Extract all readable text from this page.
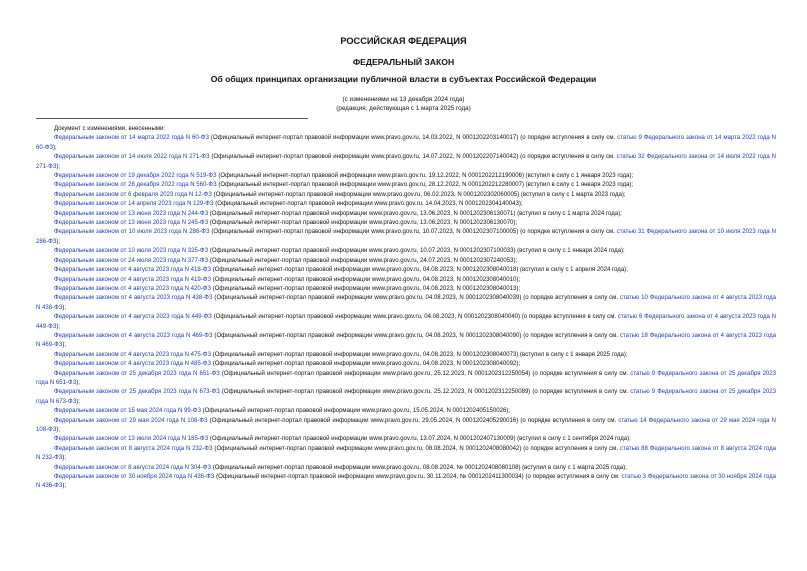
РОССИЙСКАЯ ФЕДЕРАЦИЯ
ФЕДЕРАЛЬНЫЙ ЗАКОН
Об общих принципах организации публичной власти в субъектах Российской Федерации
(с изменениями на 13 декабря 2024 года)
(редакция, действующая с 1 марта 2025 года)
Документ с изменениями, внесенными:
Федеральным законом от 14 марта 2022 года N 60-ФЗ (Официальный интернет-портал правовой информации www.pravo.gov.ru, 14.03.2022, N 0001202203140017) (о порядке вступления в силу см. статью 9 Федерального закона от 14 марта 2022 года N 60-ФЗ);
Федеральным законом от 14 июля 2022 года N 271-ФЗ (Официальный интернет-портал правовой информации www.pravo.gov.ru, 14.07.2022, N 0001202207140042) (о порядке вступления в силу см. статью 32 Федерального закона от 14 июля 2022 года N 271-ФЗ);
Федеральным законом от 19 декабря 2022 года N 519-ФЗ (Официальный интернет-портал правовой информации www.pravo.gov.ru, 19.12.2022, N 0001202212190006) (вступил в силу с 1 января 2023 года);
Федеральным законом от 28 декабря 2022 года N 560-ФЗ (Официальный интернет-портал правовой информации www.pravo.gov.ru, 28.12.2022, N 0001202212280007) (вступил в силу с 1 января 2023 года);
Федеральным законом от 6 февраля 2023 года N 12-ФЗ (Официальный интернет-портал правовой информации www.pravo.gov.ru, 06.02.2023, N 0001202302060005) (вступил в силу с 1 марта 2023 года);
Федеральным законом от 14 апреля 2023 года N 129-ФЗ (Официальный интернет-портал правовой информации www.pravo.gov.ru, 14.04.2023, N 0001202304140043);
Федеральным законом от 13 июня 2023 года N 244-ФЗ (Официальный интернет-портал правовой информации www.pravo.gov.ru, 13.06.2023, N 0001202306130071) (вступил в силу с 1 марта 2024 года);
Федеральным законом от 13 июня 2023 года N 245-ФЗ (Официальный интернет-портал правовой информации www.pravo.gov.ru, 13.06.2023, N 0001202306130070);
Федеральным законом от 10 июля 2023 года N 286-ФЗ (Официальный интернет-портал правовой информации www.pravo.gov.ru, 10.07.2023, N 0001202307100005) (о порядке вступления в силу см. статью 31 Федерального закона от 10 июля 2023 года N 286-ФЗ);
Федеральным законом от 10 июля 2023 года N 325-ФЗ (Официальный интернет-портал правовой информации www.pravo.gov.ru, 10.07.2023, N 0001202307100033) (вступил в силу с 1 января 2024 года);
Федеральным законом от 24 июля 2023 года N 377-ФЗ (Официальный интернет-портал правовой информации www.pravo.gov.ru, 24.07.2023, N 0001202307240053);
Федеральным законом от 4 августа 2023 года N 418-ФЗ (Официальный интернет-портал правовой информации www.pravo.gov.ru, 04.08.2023, N 0001202308040018) (вступил в силу с 1 апреля 2024 года);
Федеральным законом от 4 августа 2023 года N 419-ФЗ (Официальный интернет-портал правовой информации www.pravo.gov.ru, 04.08.2023, N 0001202308040010);
Федеральным законом от 4 августа 2023 года N 420-ФЗ (Официальный интернет-портал правовой информации www.pravo.gov.ru, 04.08.2023, N 0001202308040013);
Федеральным законом от 4 августа 2023 года N 438-ФЗ (Официальный интернет-портал правовой информации www.pravo.gov.ru, 04.08.2023, N 0001202308040039) (о порядке вступления в силу см. статью 10 Федерального закона от 4 августа 2023 года N 438-ФЗ);
Федеральным законом от 4 августа 2023 года N 449-ФЗ (Официальный интернет-портал правовой информации www.pravo.gov.ru, 04.08.2023, N 0001202308040040) (о порядке вступления в силу см. статью 6 Федерального закона от 4 августа 2023 года N 449-ФЗ);
Федеральным законом от 4 августа 2023 года N 469-ФЗ (Официальный интернет-портал правовой информации www.pravo.gov.ru, 04.08.2023, N 0001202308040090) (о порядке вступления в силу см. статью 18 Федерального закона от 4 августа 2023 года N 469-ФЗ);
Федеральным законом от 4 августа 2023 года N 475-ФЗ (Официальный интернет-портал правовой информации www.pravo.gov.ru, 04.08.2023, N 0001202308040073) (вступил в силу с 1 января 2025 года);
Федеральным законом от 4 августа 2023 года N 485-ФЗ (Официальный интернет-портал правовой информации www.pravo.gov.ru, 04.08.2023, N 0001202308040092);
Федеральным законом от 25 декабря 2023 года N 651-ФЗ (Официальный интернет-портал правовой информации www.pravo.gov.ru, 25.12.2023, N 0001202312250054) (о порядке вступления в силу см. статью 9 Федерального закона от 25 декабря 2023 года N 651-ФЗ);
Федеральным законом от 25 декабря 2023 года N 673-ФЗ (Официальный интернет-портал правовой информации www.pravo.gov.ru, 25.12.2023, N 0001202312250089) (о порядке вступления в силу см. статью 9 Федерального закона от 25 декабря 2023 года N 673-ФЗ);
Федеральным законом от 15 мая 2024 года N 99-ФЗ (Официальный интернет-портал правовой информации www.pravo.gov.ru, 15.05.2024, N 0001202405150026);
Федеральным законом от 29 мая 2024 года N 108-ФЗ (Официальный интернет-портал правовой информации www.pravo.gov.ru, 29.05.2024, N 0001202405290016) (о порядке вступления в силу см. статью 14 Федерального закона от 29 мая 2024 года N 108-ФЗ);
Федеральным законом от 13 июля 2024 года N 185-ФЗ (Официальный интернет-портал правовой информации www.pravo.gov.ru, 13.07.2024, N 0001202407130009) (вступил в силу с 1 сентября 2024 года);
Федеральным законом от 8 августа 2024 года N 232-ФЗ (Официальный интернет-портал правовой информации www.pravo.gov.ru, 08.08.2024, N 0001202408080042) (о порядке вступления в силу см. статью 88 Федерального закона от 8 августа 2024 года N 232-ФЗ);
Федеральным законом от 8 августа 2024 года N 304-ФЗ (Официальный интернет-портал правовой информации www.pravo.gov.ru, 08.08.2024, № 0001202408080108) (вступил в силу с 1 марта 2025 года);
Федеральным законом от 30 ноября 2024 года N 436-ФЗ (Официальный интернет-портал правовой информации www.pravo.gov.ru, 30.11.2024, № 0001202411300034) (о порядке вступления в силу см. статью 3 Федерального закона от 30 ноября 2024 года N 436-ФЗ);
